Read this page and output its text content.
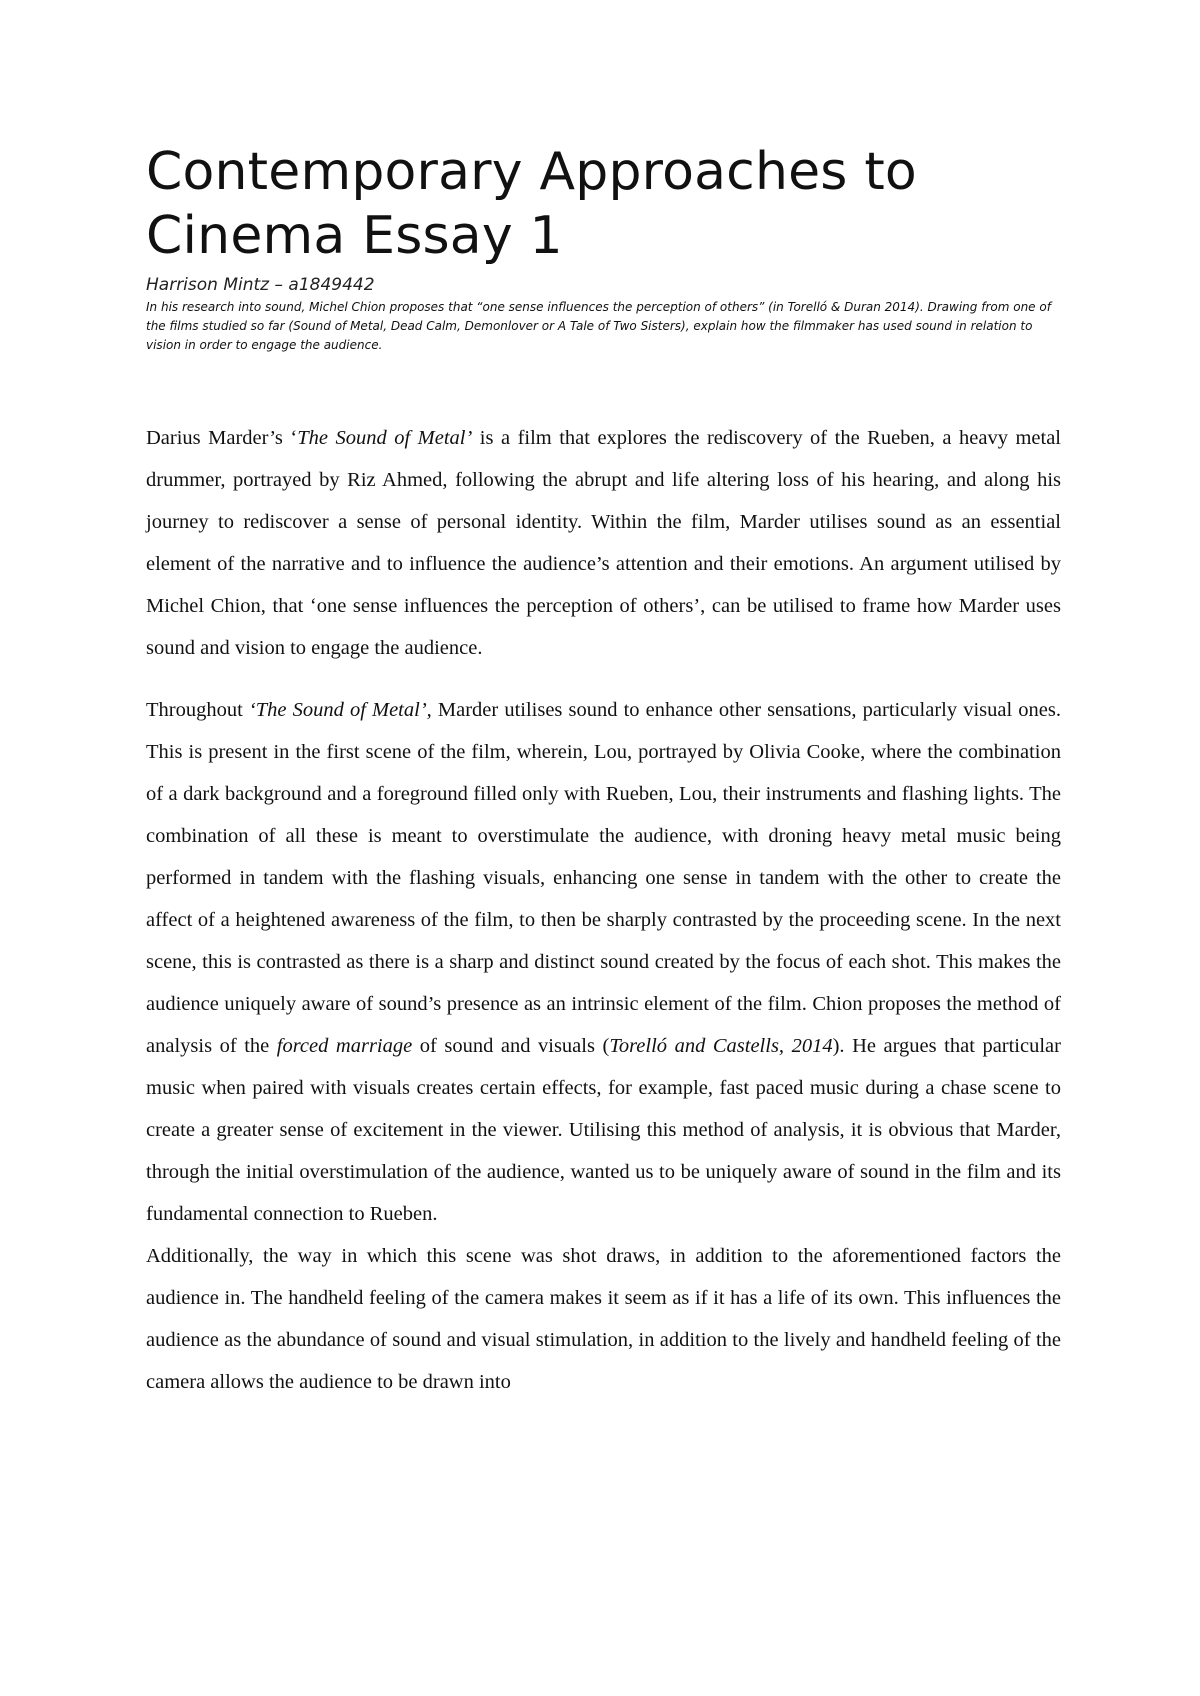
Contemporary Approaches to Cinema Essay 1
Harrison Mintz – a1849442
In his research into sound, Michel Chion proposes that “one sense influences the perception of others” (in Torelló & Duran 2014). Drawing from one of the films studied so far (Sound of Metal, Dead Calm, Demonlover or A Tale of Two Sisters), explain how the filmmaker has used sound in relation to vision in order to engage the audience.

Darius Marder’s ‘The Sound of Metal’ is a film that explores the rediscovery of the Rueben, a heavy metal drummer, portrayed by Riz Ahmed, following the abrupt and life altering loss of his hearing, and along his journey to rediscover a sense of personal identity. Within the film, Marder utilises sound as an essential element of the narrative and to influence the audience’s attention and their emotions. An argument utilised by Michel Chion, that ‘one sense influences the perception of others’, can be utilised to frame how Marder uses sound and vision to engage the audience.

Throughout ‘The Sound of Metal’, Marder utilises sound to enhance other sensations, particularly visual ones. This is present in the first scene of the film, wherein, Lou, portrayed by Olivia Cooke, where the combination of a dark background and a foreground filled only with Rueben, Lou, their instruments and flashing lights. The combination of all these is meant to overstimulate the audience, with droning heavy metal music being performed in tandem with the flashing visuals, enhancing one sense in tandem with the other to create the affect of a heightened awareness of the film, to then be sharply contrasted by the proceeding scene. In the next scene, this is contrasted as there is a sharp and distinct sound created by the focus of each shot. This makes the audience uniquely aware of sound’s presence as an intrinsic element of the film. Chion proposes the method of analysis of the forced marriage of sound and visuals (Torelló and Castells, 2014). He argues that particular music when paired with visuals creates certain effects, for example, fast paced music during a chase scene to create a greater sense of excitement in the viewer. Utilising this method of analysis, it is obvious that Marder, through the initial overstimulation of the audience, wanted us to be uniquely aware of sound in the film and its fundamental connection to Rueben.

Additionally, the way in which this scene was shot draws, in addition to the aforementioned factors the audience in. The handheld feeling of the camera makes it seem as if it has a life of its own. This influences the audience as the abundance of sound and visual stimulation, in addition to the lively and handheld feeling of the camera allows the audience to be drawn into
